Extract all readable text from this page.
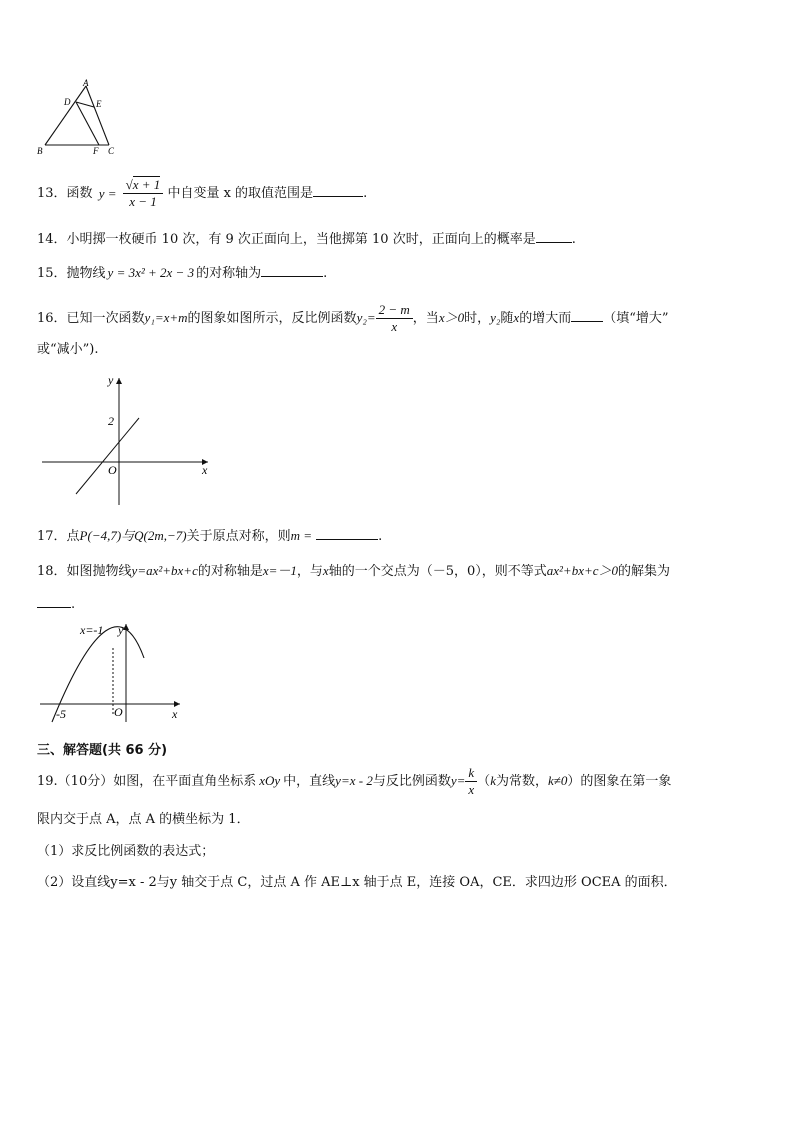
A
D	E
B	F C
13．函数 $y = \frac{√x + 1}{x - 1}$ 中自变量 x 的取值范围是	.
14．小明掷一枚硬币 10 次，有 9 次正面向上，当他掷第 10 次时，正面向上的概率是	.
15．抛物线 y = 3x² + 2x − 3 的对称轴为	.
16．已知一次函数y₁=x+m的图象如图所示，反比例函数$y_2= \frac{2 - m}{x}$ ，当x＞0时，y₂随x的增大而 （填“增大”
或“减小”).
y
x
O
2
17．点P(−4,7)与Q(2m,−7)关于原点对称，则m =	.
18．如图抛物线y=ax²+bx+c的对称轴是x=－1，与x轴的一个交点为（－5，0），则不等式ax²+bx+c＞0的解集为
.
x=-1 y
x
O
-5
三、解答题(共 66 分)
19.（10分）如图，在平面直角坐标系 xOy 中，直线y=x - 2与反比例函数$y= \frac{k}{x} (k$为常数，k≠0）的图象在第一象
限内交于点 A，点 A 的横坐标为 1．
（1）求反比例函数的表达式；
（2）设直线y=x - 2与y 轴交于点 C，过点 A 作 AE⊥x 轴于点 E，连接 OA，CE．求四边形 OCEA 的面积．
